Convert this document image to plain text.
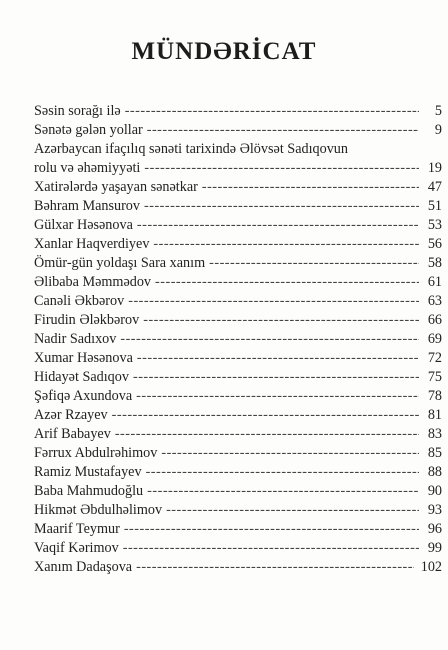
MÜNDƏRİCAT
Səsin sorağı ilə -----	5
Sənətə gələn yollar -----	9
Azərbaycan ifaçılıq sənəti tarixində Əlövsət Sadıqovun
rolu və əhəmiyyəti -----	19
Xatirələrdə yaşayan sənətkar -----	47
Bəhram Mansurov -----	51
Gülxar Həsənova -----	53
Xanlar Haqverdiyev -----	56
Ömür-gün yoldaşı Sara xanım -----	58
Əlibaba Məmmədov -----	61
Canəli Əkbərov -----	63
Firudin Ələkbərov -----	66
Nadir Sadıxov -----	69
Xumar Həsənova -----	72
Hidayət Sadıqov -----	75
Şəfiqə Axundova -----	78
Azər Rzayev -----	81
Arif Babayev -----	83
Fərrux Abdulrəhimov -----	85
Ramiz Mustafayev -----	88
Baba Mahmudoğlu -----	90
Hikmət Əbdulhəlimov -----	93
Maarif Teymur -----	96
Vaqif Kərimov -----	99
Xanım Dadaşova -----	102
